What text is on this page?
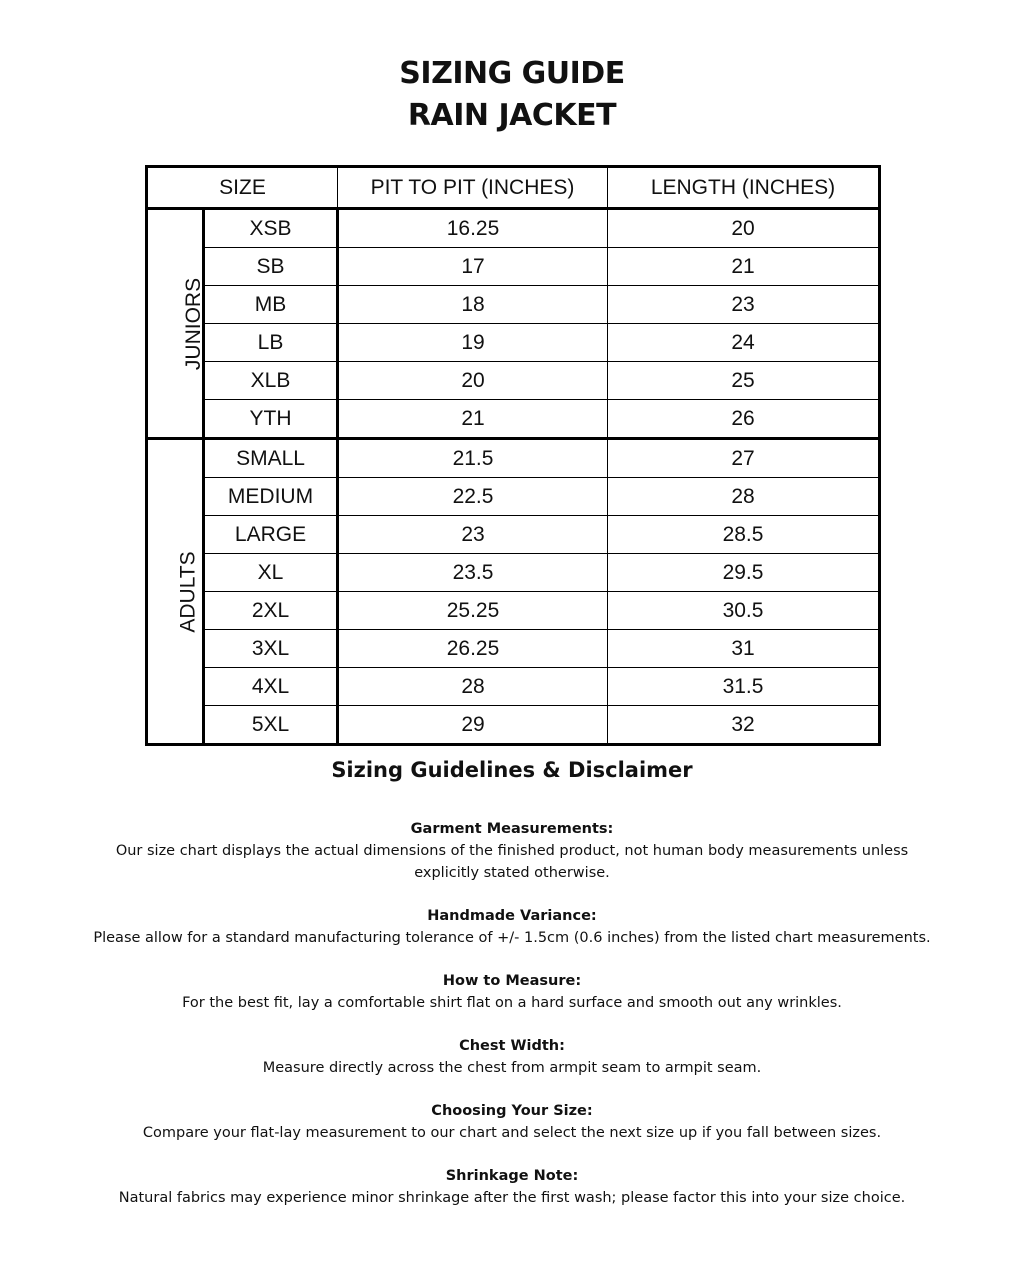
SIZING GUIDE
RAIN JACKET
SIZE		PIT TO PIT (INCHES)	LENGTH (INCHES)
JUNIORS	XSB	16.25	20
	SB	17	21
	MB	18	23
	LB	19	24
	XLB	20	25
	YTH	21	26
ADULTS	SMALL	21.5	27
	MEDIUM	22.5	28
	LARGE	23	28.5
	XL	23.5	29.5
	2XL	25.25	30.5
	3XL	26.25	31
	4XL	28	31.5
	5XL	29	32
Sizing Guidelines & Disclaimer
Garment Measurements:
Our size chart displays the actual dimensions of the finished product, not human body measurements unless explicitly stated otherwise.
Handmade Variance:
Please allow for a standard manufacturing tolerance of +/- 1.5cm (0.6 inches) from the listed chart measurements.
How to Measure:
For the best fit, lay a comfortable shirt flat on a hard surface and smooth out any wrinkles.
Chest Width:
Measure directly across the chest from armpit seam to armpit seam.
Choosing Your Size:
Compare your flat-lay measurement to our chart and select the next size up if you fall between sizes.
Shrinkage Note:
Natural fabrics may experience minor shrinkage after the first wash; please factor this into your size choice.
